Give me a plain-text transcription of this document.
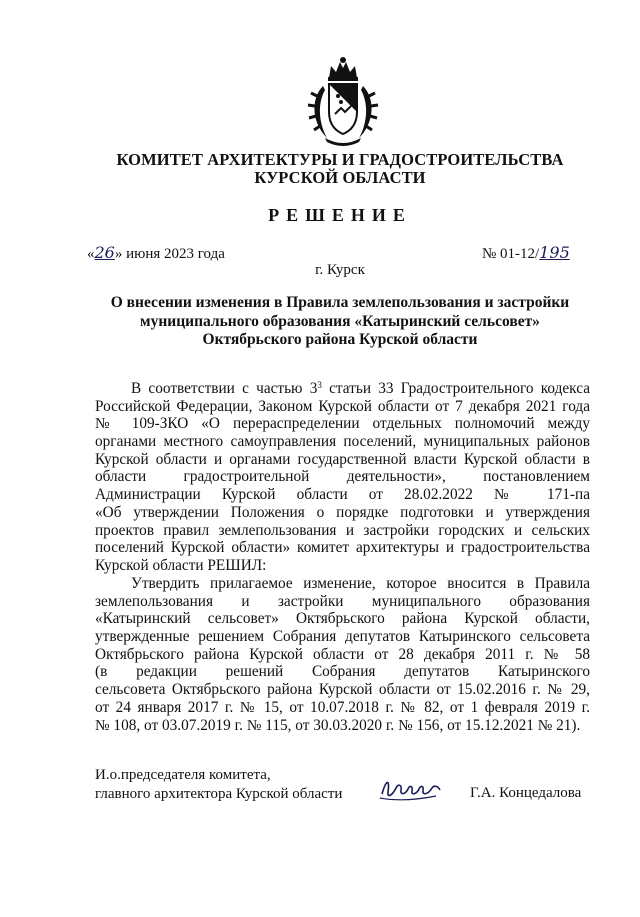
КОМИТЕТ АРХИТЕКТУРЫ И ГРАДОСТРОИТЕЛЬСТВА
КУРСКОЙ ОБЛАСТИ
РЕШЕНИЕ
«26» июня 2023 года	№ 01-12/195
г. Курск
О внесении изменения в Правила землепользования и застройки
муниципального образования «Катыринский сельсовет»
Октябрьского района Курской области
В соответствии с частью $3^3$ статьи 33 Градостроительного кодекса
Российской Федерации, Законом Курской области от 7 декабря 2021 года
№ 109-ЗКО «О перераспределении отдельных полномочий между
органами местного самоуправления поселений, муниципальных районов
Курской области и органами государственной власти Курской области в
области градостроительной деятельности», постановлением
Администрации Курской области от 28.02.2022 № 171-па
«Об утверждении Положения о порядке подготовки и утверждения
проектов правил землепользования и застройки городских и сельских
поселений Курской области» комитет архитектуры и градостроительства
Курской области РЕШИЛ:
Утвердить прилагаемое изменение, которое вносится в Правила
землепользования и застройки муниципального образования
«Катыринский сельсовет» Октябрьского района Курской области,
утвержденные решением Собрания депутатов Катыринского сельсовета
Октябрьского района Курской области от 28 декабря 2011 г. № 58
(в редакции решений Собрания депутатов Катыринского
сельсовета Октябрьского района Курской области от 15.02.2016 г. № 29,
от 24 января 2017 г. № 15, от 10.07.2018 г. № 82, от 1 февраля 2019 г.
№ 108, от 03.07.2019 г. № 115, от 30.03.2020 г. № 156, от 15.12.2021 № 21).
И.о.председателя комитета,
главного архитектора Курской области	Г.А. Концедалова
